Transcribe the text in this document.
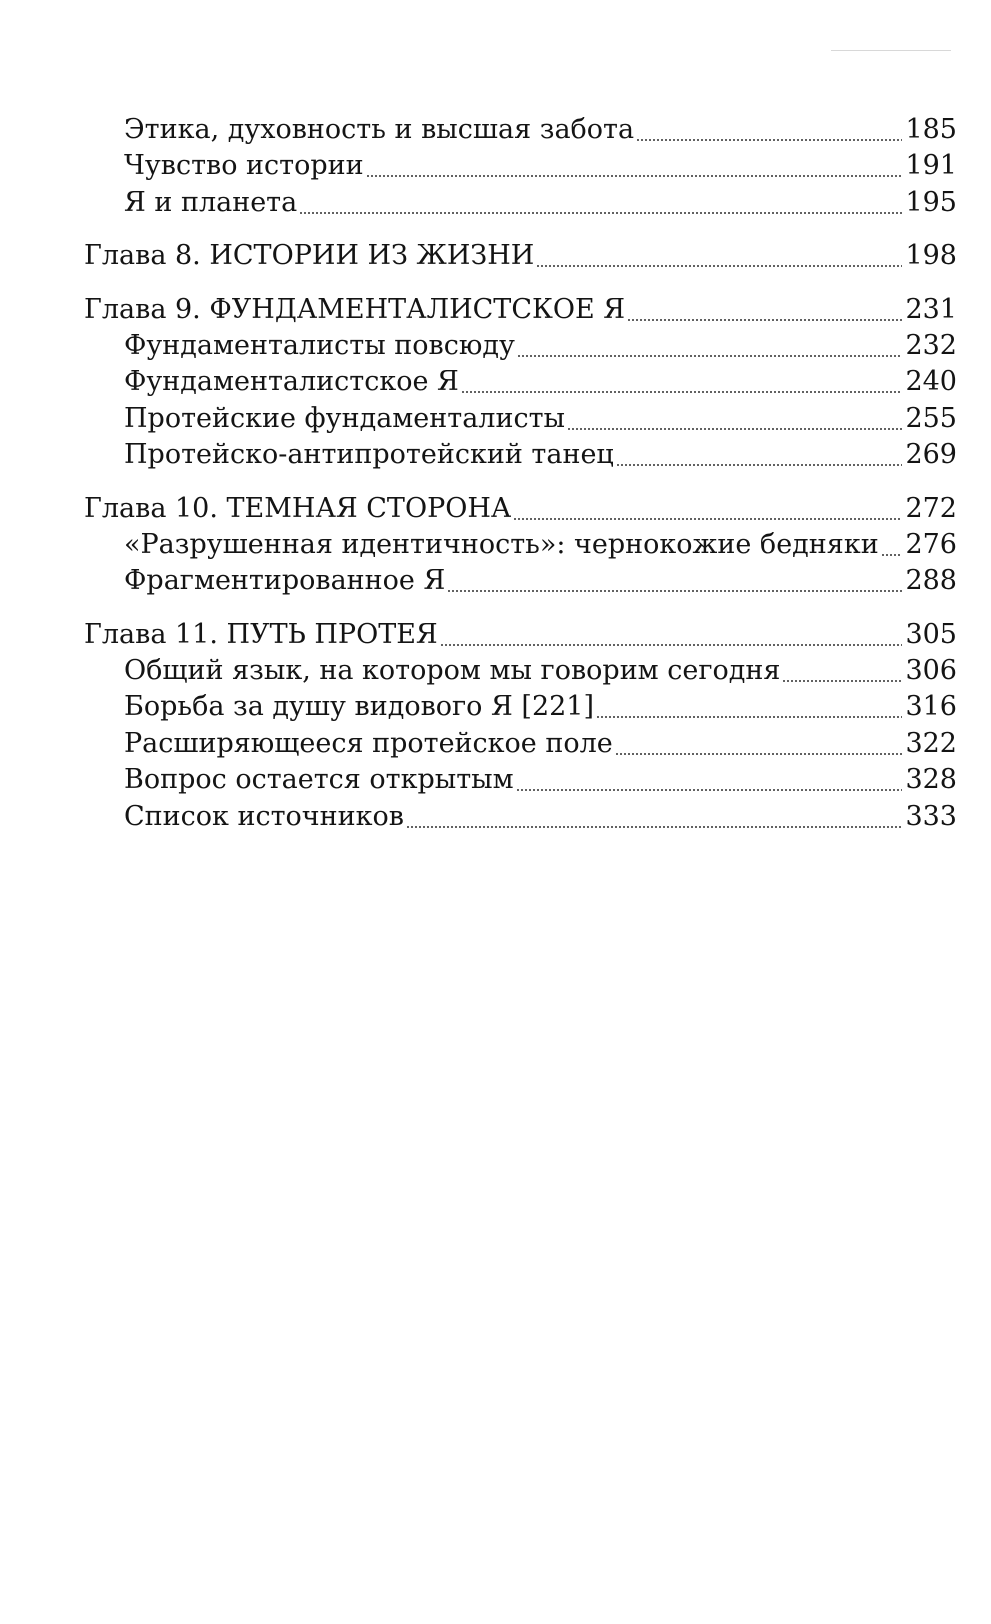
Этика, духовность и высшая забота	185
Чувство истории	191
Я и планета	195
Глава 8. ИСТОРИИ ИЗ ЖИЗНИ	198
Глава 9. ФУНДАМЕНТАЛИСТСКОЕ Я	231
Фундаменталисты повсюду	232
Фундаменталистское Я	240
Протейские фундаменталисты	255
Протейско-антипротейский танец	269
Глава 10. ТЕМНАЯ СТОРОНА	272
«Разрушенная идентичность»: чернокожие бедняки 276
Фрагментированное Я	288
Глава 11. ПУТЬ ПРОТЕЯ	305
Общий язык, на котором мы говорим сегодня	306
Борьба за душу видового Я [221]	316
Расширяющееся протейское поле	322
Вопрос остается открытым	328
Список источников	333
